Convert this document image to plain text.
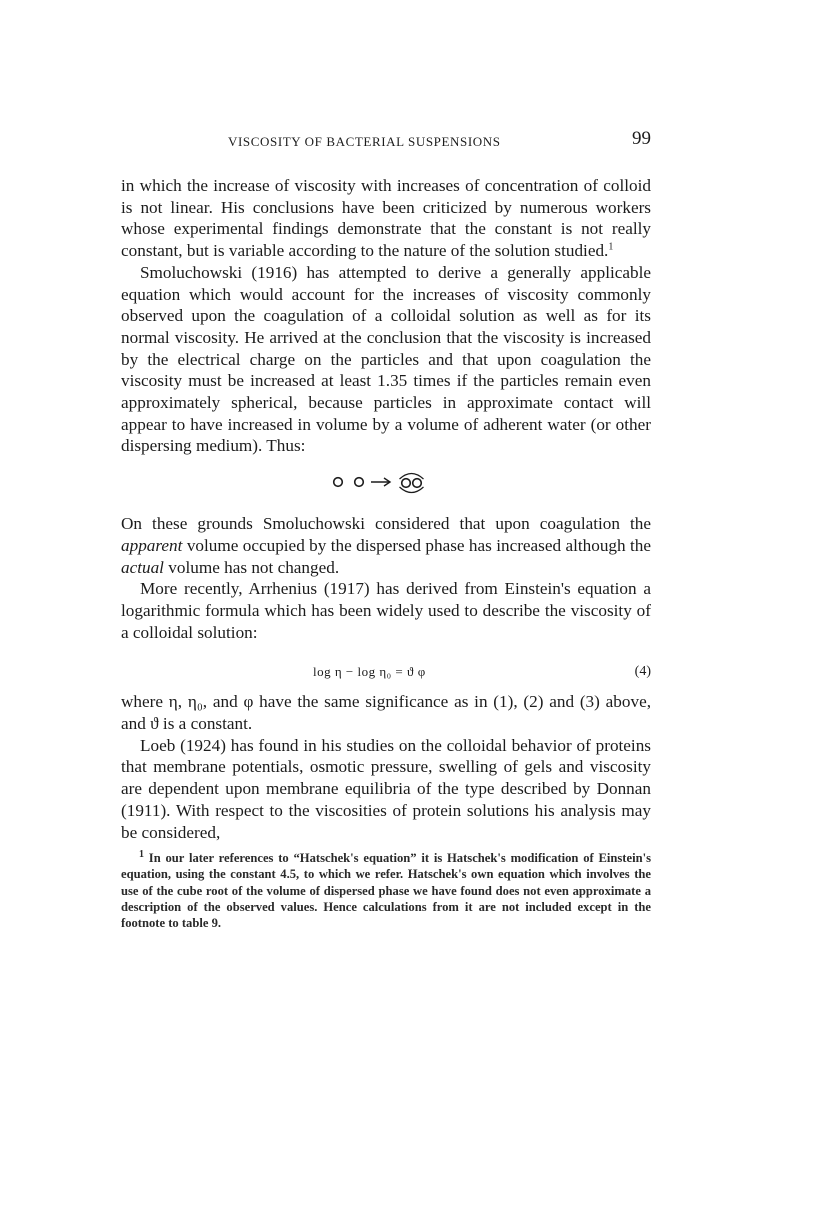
VISCOSITY OF BACTERIAL SUSPENSIONS	99

in which the increase of viscosity with increases of concentration of colloid is not linear. His conclusions have been criticized by numerous workers whose experimental findings demonstrate that the constant is not really constant, but is variable according to the nature of the solution studied.$^1$

Smoluchowski (1916) has attempted to derive a generally applicable equation which would account for the increases of viscosity commonly observed upon the coagulation of a colloidal solution as well as for its normal viscosity. He arrived at the conclusion that the viscosity is increased by the electrical charge on the particles and that upon coagulation the viscosity must be increased at least 1.35 times if the particles remain even approximately spherical, because particles in approximate contact will appear to have increased in volume by a volume of adherent water (or other dispersing medium). Thus:

On these grounds Smoluchowski considered that upon coagulation the apparent volume occupied by the dispersed phase has increased although the actual volume has not changed.

More recently, Arrhenius (1917) has derived from Einstein's equation a logarithmic formula which has been widely used to describe the viscosity of a colloidal solution:

log η − log η₀ = ϑ φ	(4)

where η, η₀, and φ have the same significance as in (1), (2) and (3) above, and ϑ is a constant.

Loeb (1924) has found in his studies on the colloidal behavior of proteins that membrane potentials, osmotic pressure, swelling of gels and viscosity are dependent upon membrane equilibria of the type described by Donnan (1911). With respect to the viscosities of protein solutions his analysis may be considered,

$^1$ In our later references to “Hatschek's equation” it is Hatschek's modification of Einstein's equation, using the constant 4.5, to which we refer. Hatschek's own equation which involves the use of the cube root of the volume of dispersed phase we have found does not even approximate a description of the observed values. Hence calculations from it are not included except in the footnote to table 9.
